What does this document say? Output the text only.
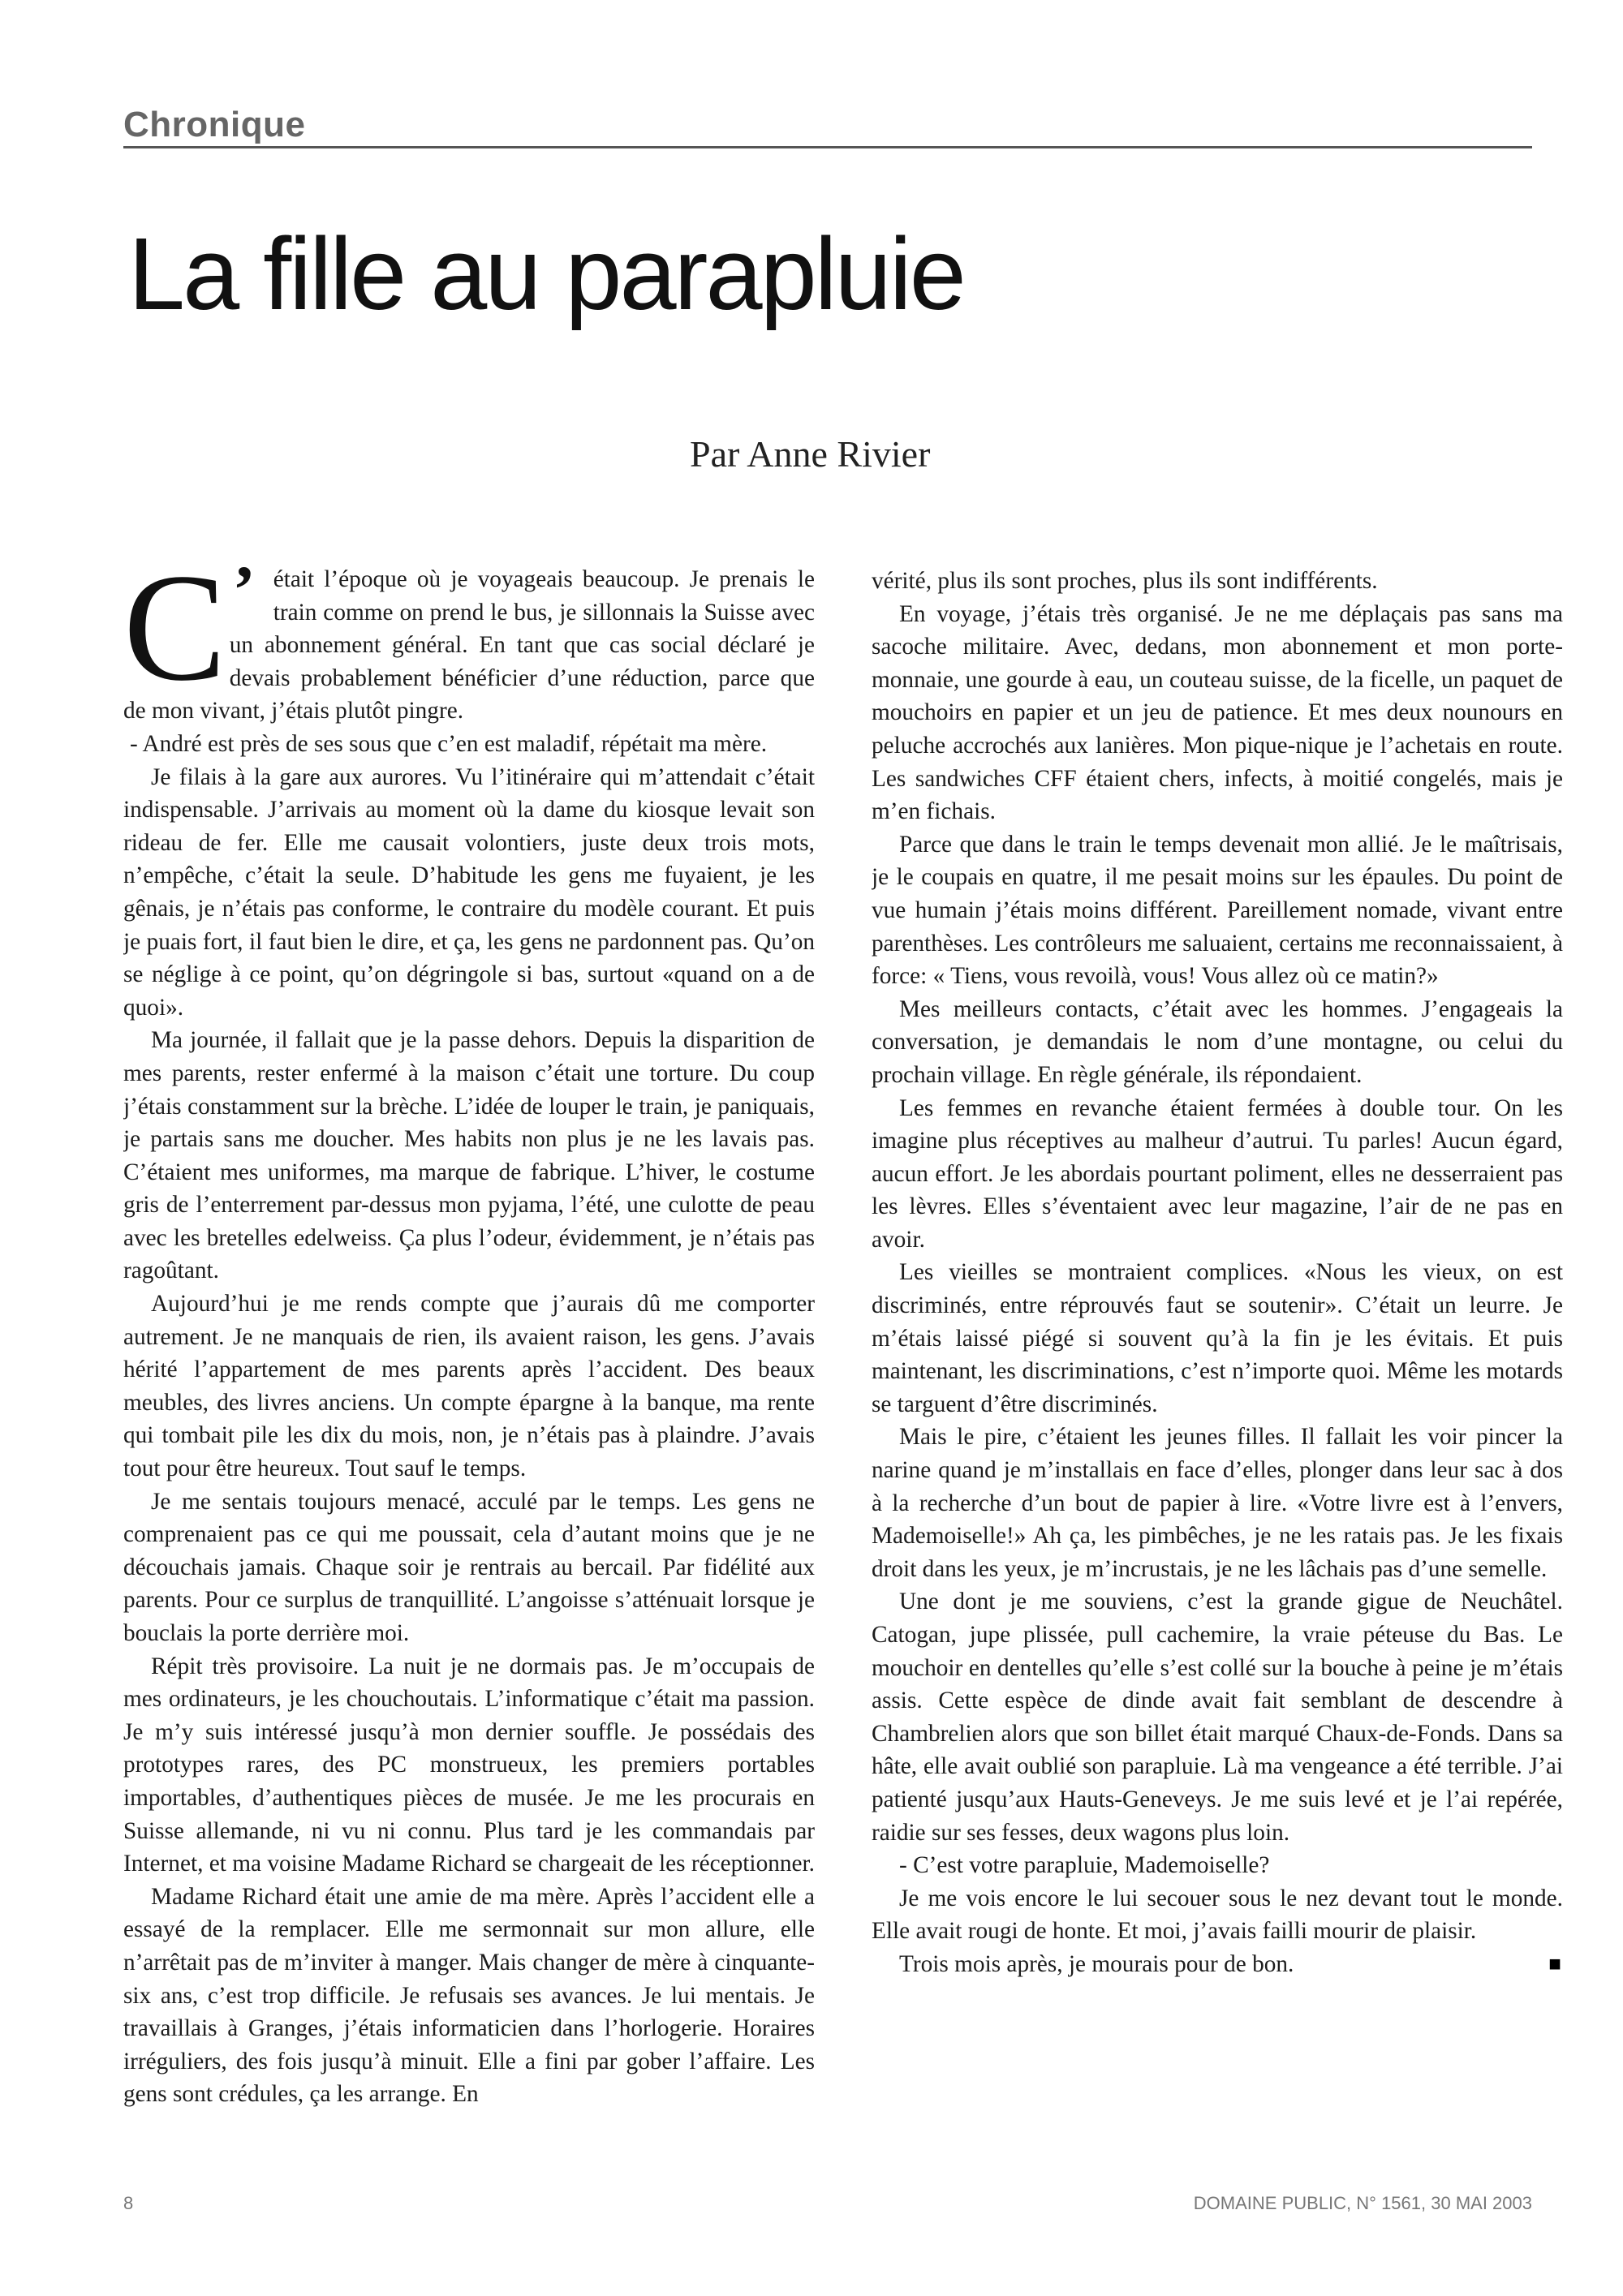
Chronique
La fille au parapluie
Par Anne Rivier

C ’ était l’époque où je voyageais beaucoup. Je prenais le train comme on prend le bus, je sillonnais la Suisse avec un abonnement général. En tant que cas social déclaré je devais probablement bénéficier d’une réduction, parce que de mon vivant, j’étais plutôt pingre.

- André est près de ses sous que c’en est maladif, répétait ma mère.

Je filais à la gare aux aurores. Vu l’itinéraire qui m’attendait c’était indispensable. J’arrivais au moment où la dame du kiosque levait son rideau de fer. Elle me causait volontiers, juste deux trois mots, n’empêche, c’était la seule. D’habitude les gens me fuyaient, je les gênais, je n’étais pas conforme, le contraire du modèle courant. Et puis je puais fort, il faut bien le dire, et ça, les gens ne pardonnent pas. Qu’on se néglige à ce point, qu’on dégringole si bas, surtout «quand on a de quoi».

Ma journée, il fallait que je la passe dehors. Depuis la disparition de mes parents, rester enfermé à la maison c’était une torture. Du coup j’étais constamment sur la brèche. L’idée de louper le train, je paniquais, je partais sans me doucher. Mes habits non plus je ne les lavais pas. C’étaient mes uniformes, ma marque de fabrique. L’hiver, le costume gris de l’enterrement par-dessus mon pyjama, l’été, une culotte de peau avec les bretelles edelweiss. Ça plus l’odeur, évidemment, je n’étais pas ragoûtant.

Aujourd’hui je me rends compte que j’aurais dû me comporter autrement. Je ne manquais de rien, ils avaient raison, les gens. J’avais hérité l’appartement de mes parents après l’accident. Des beaux meubles, des livres anciens. Un compte épargne à la banque, ma rente qui tombait pile les dix du mois, non, je n’étais pas à plaindre. J’avais tout pour être heureux. Tout sauf le temps.

Je me sentais toujours menacé, acculé par le temps. Les gens ne comprenaient pas ce qui me poussait, cela d’autant moins que je ne découchais jamais. Chaque soir je rentrais au bercail. Par fidélité aux parents. Pour ce surplus de tranquillité. L’angoisse s’atténuait lorsque je bouclais la porte derrière moi.

Répit très provisoire. La nuit je ne dormais pas. Je m’occupais de mes ordinateurs, je les chouchoutais. L’informatique c’était ma passion. Je m’y suis intéressé jusqu’à mon dernier souffle. Je possédais des prototypes rares, des PC monstrueux, les premiers portables importables, d’authentiques pièces de musée. Je me les procurais en Suisse allemande, ni vu ni connu. Plus tard je les commandais par Internet, et ma voisine Madame Richard se chargeait de les réceptionner.

Madame Richard était une amie de ma mère. Après l’accident elle a essayé de la remplacer. Elle me sermonnait sur mon allure, elle n’arrêtait pas de m’inviter à manger. Mais changer de mère à cinquante-six ans, c’est trop difficile. Je refusais ses avances. Je lui mentais. Je travaillais à Granges, j’étais informaticien dans l’horlogerie. Horaires irréguliers, des fois jusqu’à minuit. Elle a fini par gober l’affaire. Les gens sont crédules, ça les arrange. En

vérité, plus ils sont proches, plus ils sont indifférents.

En voyage, j’étais très organisé. Je ne me déplaçais pas sans ma sacoche militaire. Avec, dedans, mon abonnement et mon porte-monnaie, une gourde à eau, un couteau suisse, de la ficelle, un paquet de mouchoirs en papier et un jeu de patience. Et mes deux nounours en peluche accrochés aux lanières. Mon pique-nique je l’achetais en route. Les sandwiches CFF étaient chers, infects, à moitié congelés, mais je m’en fichais.

Parce que dans le train le temps devenait mon allié. Je le maîtrisais, je le coupais en quatre, il me pesait moins sur les épaules. Du point de vue humain j’étais moins différent. Pareillement nomade, vivant entre parenthèses. Les contrôleurs me saluaient, certains me reconnaissaient, à force: « Tiens, vous revoilà, vous! Vous allez où ce matin?»

Mes meilleurs contacts, c’était avec les hommes. J’engageais la conversation, je demandais le nom d’une montagne, ou celui du prochain village. En règle générale, ils répondaient.

Les femmes en revanche étaient fermées à double tour. On les imagine plus réceptives au malheur d’autrui. Tu parles! Aucun égard, aucun effort. Je les abordais pourtant poliment, elles ne desserraient pas les lèvres. Elles s’éventaient avec leur magazine, l’air de ne pas en avoir.

Les vieilles se montraient complices. «Nous les vieux, on est discriminés, entre réprouvés faut se soutenir». C’était un leurre. Je m’étais laissé piégé si souvent qu’à la fin je les évitais. Et puis maintenant, les discriminations, c’est n’importe quoi. Même les motards se targuent d’être discriminés.

Mais le pire, c’étaient les jeunes filles. Il fallait les voir pincer la narine quand je m’installais en face d’elles, plonger dans leur sac à dos à la recherche d’un bout de papier à lire. «Votre livre est à l’envers, Mademoiselle!» Ah ça, les pimbêches, je ne les ratais pas. Je les fixais droit dans les yeux, je m’incrustais, je ne les lâchais pas d’une semelle.

Une dont je me souviens, c’est la grande gigue de Neuchâtel. Catogan, jupe plissée, pull cachemire, la vraie péteuse du Bas. Le mouchoir en dentelles qu’elle s’est collé sur la bouche à peine je m’étais assis. Cette espèce de dinde avait fait semblant de descendre à Chambrelien alors que son billet était marqué Chaux-de-Fonds. Dans sa hâte, elle avait oublié son parapluie. Là ma vengeance a été terrible. J’ai patienté jusqu’aux Hauts-Geneveys. Je me suis levé et je l’ai repérée, raidie sur ses fesses, deux wagons plus loin.

- C’est votre parapluie, Mademoiselle?

Je me vois encore le lui secouer sous le nez devant tout le monde. Elle avait rougi de honte. Et moi, j’avais failli mourir de plaisir.

■
Trois mois après, je mourais pour de bon.

8	DOMAINE PUBLIC, N° 1561, 30 MAI 2003
